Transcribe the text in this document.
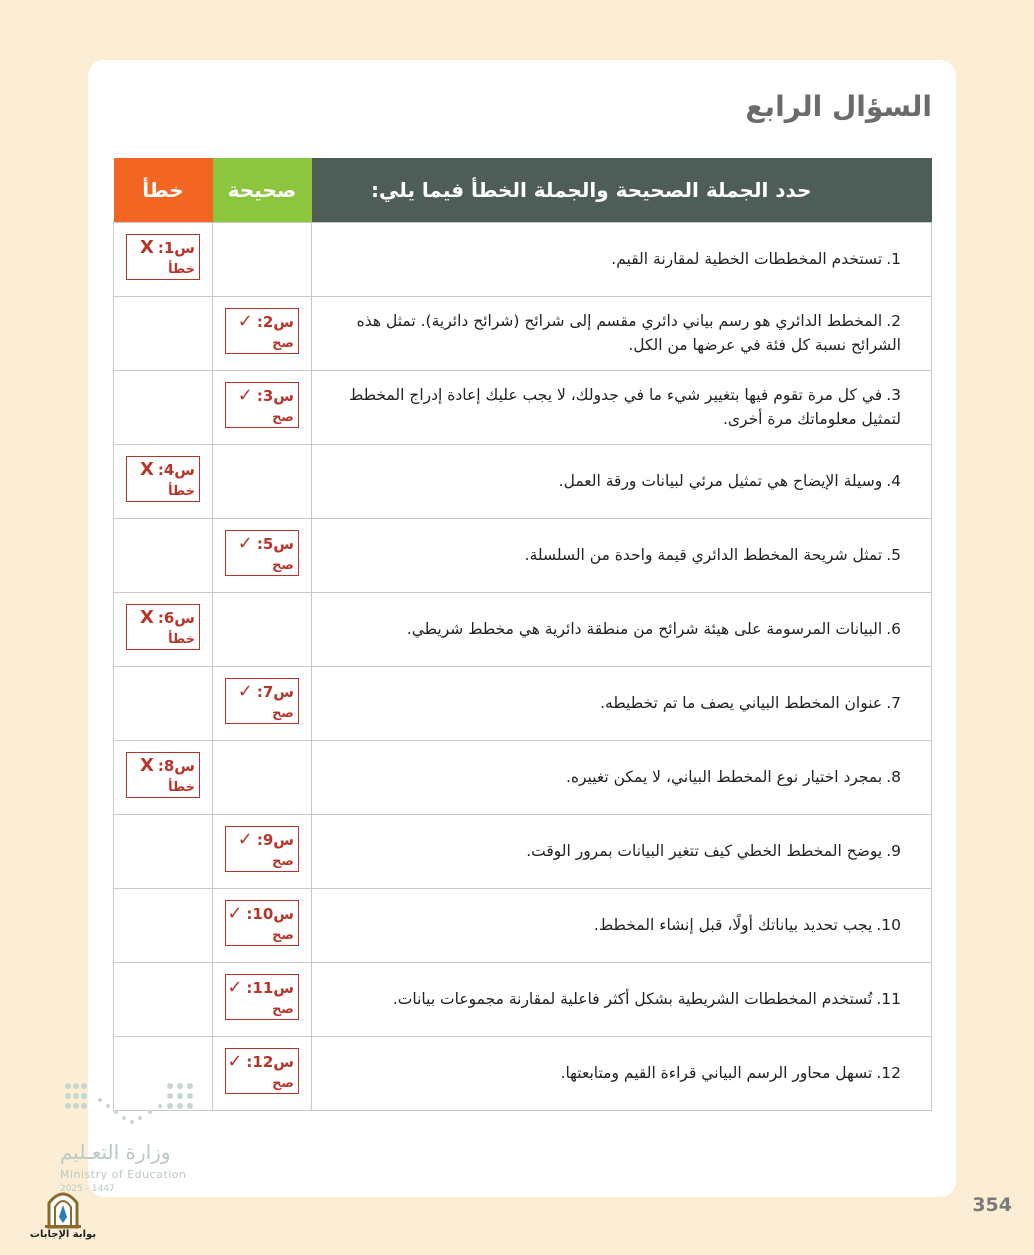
السؤال الرابع
حدد الجملة الصحيحة والجملة الخطأ فيما يلي:	صحيحة	خطأ
1.تستخدم المخططات الخطية لمقارنة القيم.		س1:X
خطأ

2.المخطط الدائري هو رسم بياني دائري مقسم إلى شرائح (شرائح دائرية). تمثل هذه الشرائح نسبة كل فئة في عرضها من الكل.	س2:✓
صح	

3.في كل مرة تقوم فيها بتغيير شيء ما في جدولك، لا يجب عليك إعادة إدراج المخطط لتمثيل معلوماتك مرة أخرى.	س3:✓
صح	

4.وسيلة الإيضاح هي تمثيل مرئي لبيانات ورقة العمل.		س4:X
خطأ

5.تمثل شريحة المخطط الدائري قيمة واحدة من السلسلة.	س5:✓
صح	

6.البيانات المرسومة على هيئة شرائح من منطقة دائرية هي مخطط شريطي.		س6:X
خطأ

7.عنوان المخطط البياني يصف ما تم تخطيطه.	س7:✓
صح	

8.بمجرد اختيار نوع المخطط البياني، لا يمكن تغييره.		س8:X
خطأ

9.يوضح المخطط الخطي كيف تتغير البيانات بمرور الوقت.	س9:✓
صح	

10.يجب تحديد بياناتك أولًا، قبل إنشاء المخطط.	س10:✓
صح	

11.تُستخدم المخططات الشريطية بشكل أكثر فاعلية لمقارنة مجموعات بيانات.	س11:✓
صح	

12.تسهل محاور الرسم البياني قراءة القيم ومتابعتها.	س12:✓
صح	

354
وزارة التعـليم
Ministry of Education
2025 - 1447
بوابة الإجابات
